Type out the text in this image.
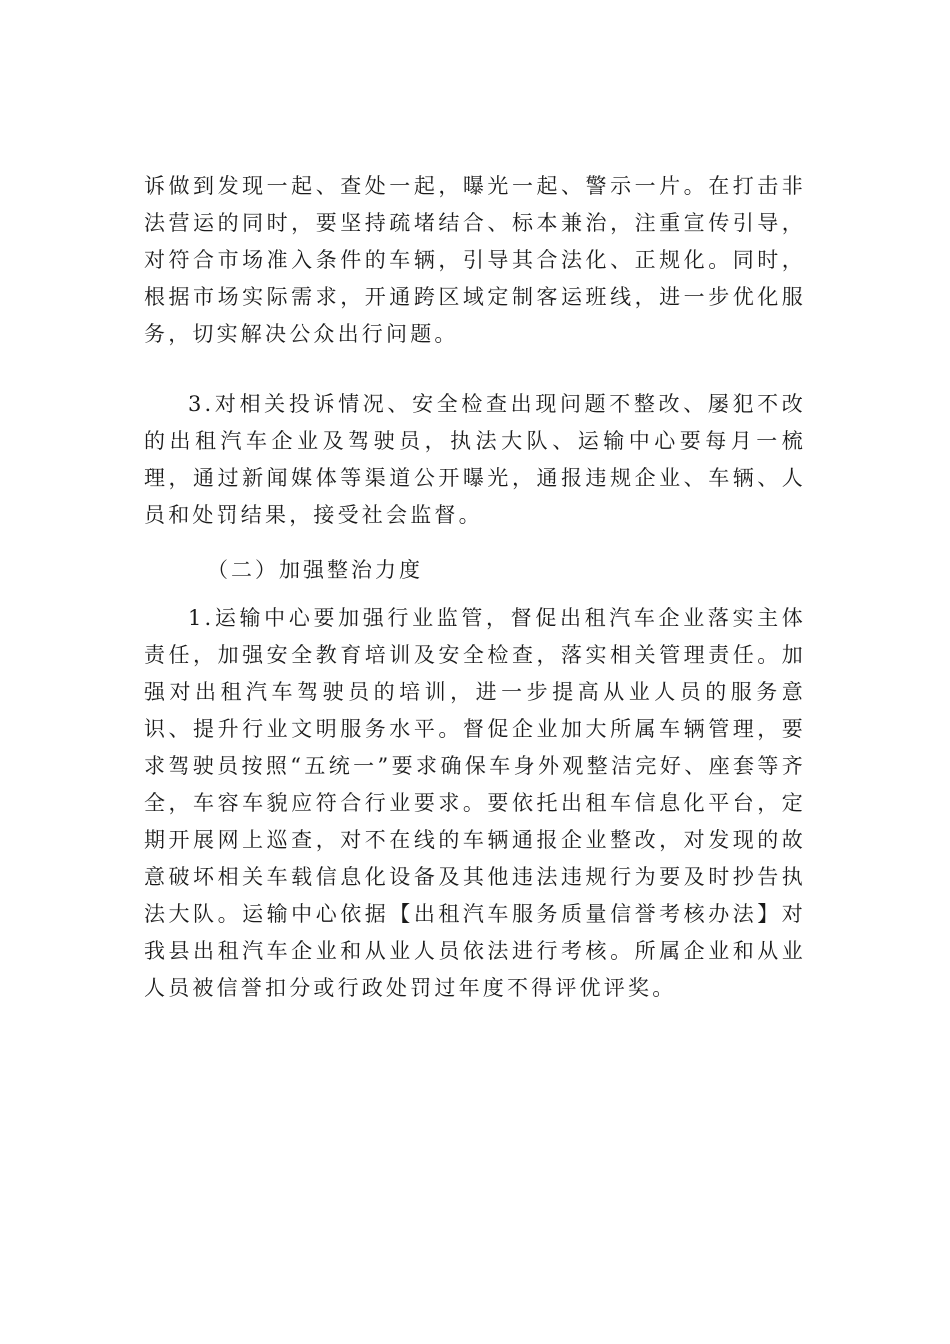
诉做到发现一起、查处一起，曝光一起、警示一片。在打击非法营运的同时，要坚持疏堵结合、标本兼治，注重宣传引导，对符合市场准入条件的车辆，引导其合法化、正规化。同时，根据市场实际需求，开通跨区域定制客运班线，进一步优化服务，切实解决公众出行问题。

3.对相关投诉情况、安全检查出现问题不整改、屡犯不改的出租汽车企业及驾驶员，执法大队、运输中心要每月一梳理，通过新闻媒体等渠道公开曝光，通报违规企业、车辆、人员和处罚结果，接受社会监督。

（二）加强整治力度

1.运输中心要加强行业监管，督促出租汽车企业落实主体责任，加强安全教育培训及安全检查，落实相关管理责任。加强对出租汽车驾驶员的培训，进一步提高从业人员的服务意识、提升行业文明服务水平。督促企业加大所属车辆管理，要求驾驶员按照“五统一”要求确保车身外观整洁完好、座套等齐全，车容车貌应符合行业要求。要依托出租车信息化平台，定期开展网上巡查，对不在线的车辆通报企业整改，对发现的故意破坏相关车载信息化设备及其他违法违规行为要及时抄告执法大队。运输中心依据【出租汽车服务质量信誉考核办法】对我县出租汽车企业和从业人员依法进行考核。所属企业和从业人员被信誉扣分或行政处罚过年度不得评优评奖。
